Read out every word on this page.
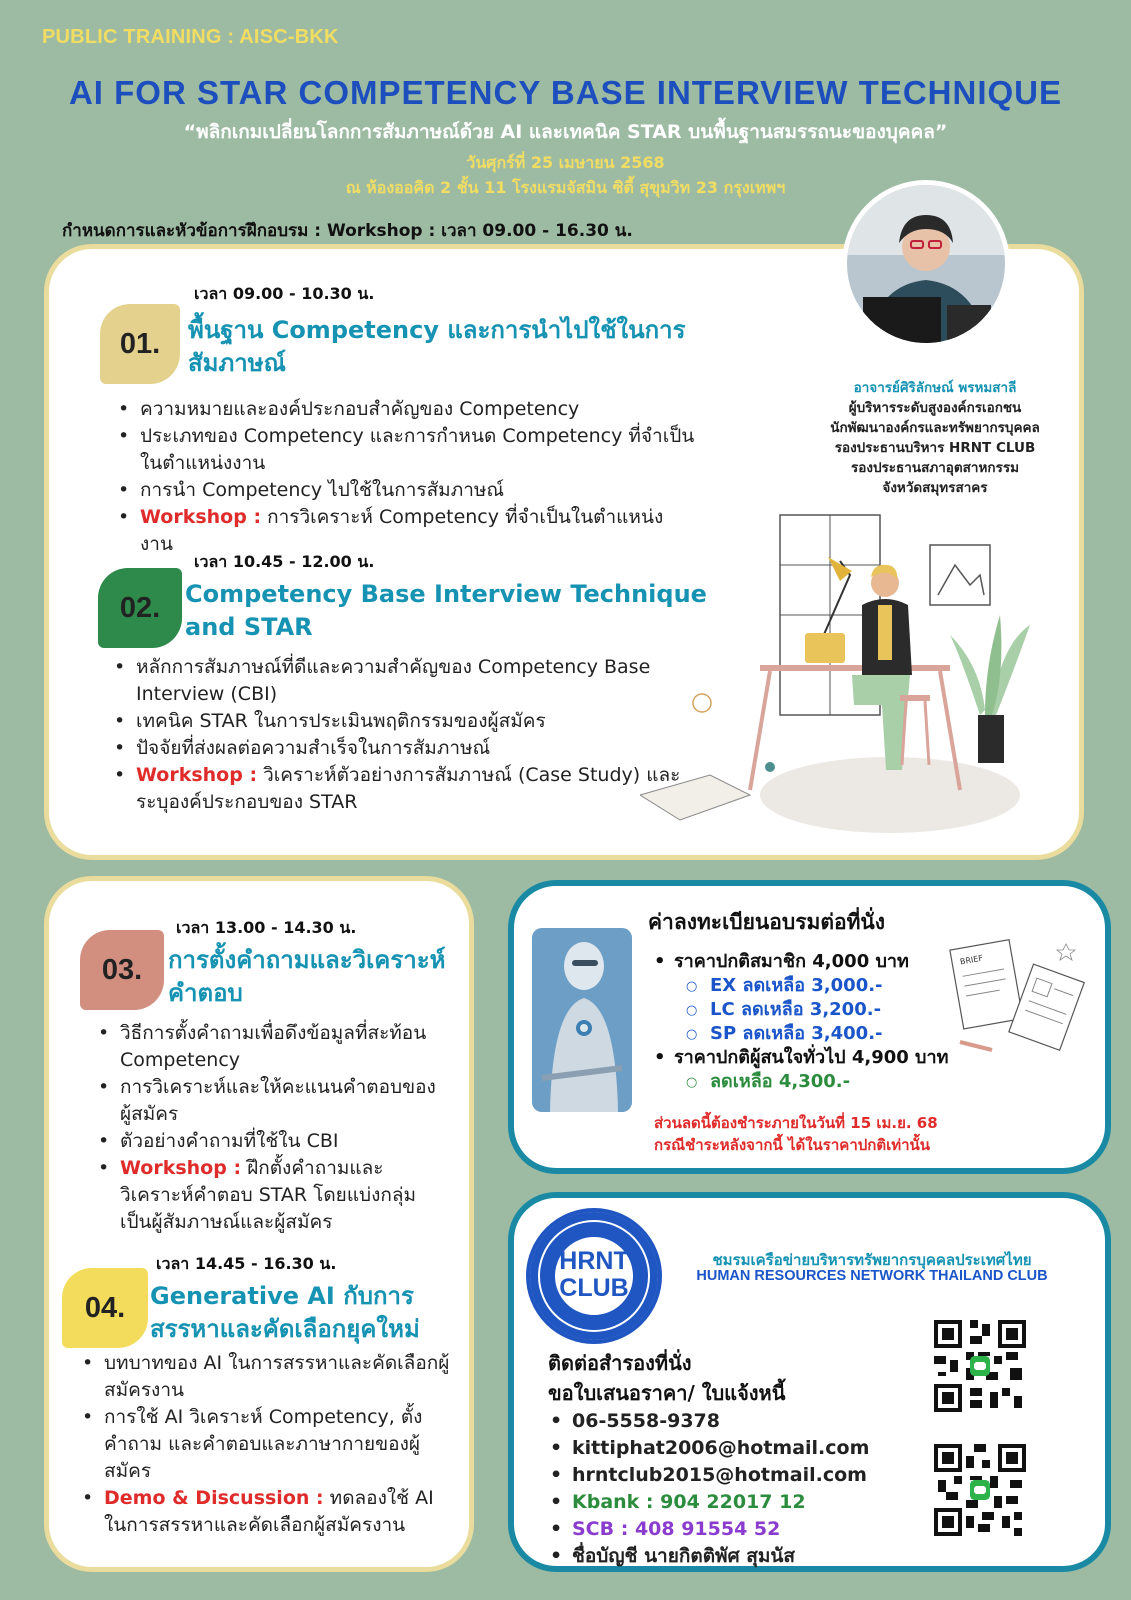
PUBLIC TRAINING : AISC-BKK
AI FOR STAR COMPETENCY BASE INTERVIEW TECHNIQUE
“พลิกเกมเปลี่ยนโลกการสัมภาษณ์ด้วย AI และเทคนิค STAR บนพื้นฐานสมรรถนะของบุคคล”
วันศุกร์ที่ 25 เมษายน 2568
ณ ห้องออคิด 2 ชั้น 11 โรงแรมจัสมิน ซิตี้ สุขุมวิท 23 กรุงเทพฯ
กำหนดการและหัวข้อการฝึกอบรม : Workshop : เวลา 09.00 - 16.30 น.
อาจารย์ศิริลักษณ์ พรหมสาลี
ผู้บริหารระดับสูงองค์กรเอกชน
นักพัฒนาองค์กรและทรัพยากรบุคคล
รองประธานบริหาร HRNT CLUB
รองประธานสภาอุตสาหกรรม
จังหวัดสมุทรสาคร
เวลา 09.00 - 10.30 น.
01.	พื้นฐาน Competency และการนำไปใช้ในการสัมภาษณ์
• ความหมายและองค์ประกอบสำคัญของ Competency
• ประเภทของ Competency และการกำหนด Competency ที่จำเป็นในตำแหน่งงาน
• การนำ Competency ไปใช้ในการสัมภาษณ์
• Workshop : การวิเคราะห์ Competency ที่จำเป็นในตำแหน่งงาน
เวลา 10.45 - 12.00 น.
02.	Competency Base Interview Technique and STAR
• หลักการสัมภาษณ์ที่ดีและความสำคัญของ Competency Base Interview (CBI)
• เทคนิค STAR ในการประเมินพฤติกรรมของผู้สมัคร
• ปัจจัยที่ส่งผลต่อความสำเร็จในการสัมภาษณ์
• Workshop : วิเคราะห์ตัวอย่างการสัมภาษณ์ (Case Study) และระบุองค์ประกอบของ STAR
เวลา 13.00 - 14.30 น.
03.	การตั้งคำถามและวิเคราะห์คำตอบ
• วิธีการตั้งคำถามเพื่อดึงข้อมูลที่สะท้อน Competency
• การวิเคราะห์และให้คะแนนคำตอบของผู้สมัคร
• ตัวอย่างคำถามที่ใช้ใน CBI
• Workshop : ฝึกตั้งคำถามและวิเคราะห์คำตอบ STAR โดยแบ่งกลุ่มเป็นผู้สัมภาษณ์และผู้สมัคร
เวลา 14.45 - 16.30 น.
04.	Generative AI กับการสรรหาและคัดเลือกยุคใหม่
• บทบาทของ AI ในการสรรหาและคัดเลือกผู้สมัครงาน
• การใช้ AI วิเคราะห์ Competency, ตั้งคำถาม และคำตอบและภาษากายของผู้สมัคร
• Demo & Discussion : ทดลองใช้ AI ในการสรรหาและคัดเลือกผู้สมัครงาน
ค่าลงทะเบียนอบรมต่อที่นั่ง
• ราคาปกติสมาชิก 4,000 บาท
○ EX ลดเหลือ 3,000.-
○ LC ลดเหลือ 3,200.-
○ SP ลดเหลือ 3,400.-
• ราคาปกติผู้สนใจทั่วไป 4,900 บาท
○ ลดเหลือ 4,300.-
ส่วนลดนี้ต้องชำระภายในวันที่ 15 เม.ย. 68
กรณีชำระหลังจากนี้ ได้ในราคาปกติเท่านั้น
BRIEF
HRNT
CLUB
ชมรมเครือข่ายบริหารทรัพยากรบุคคลประเทศไทย
HUMAN RESOURCES NETWORK THAILAND CLUB
ติดต่อสำรองที่นั่ง
ขอใบเสนอราคา/ ใบแจ้งหนี้
• 06-5558-9378
• kittiphat2006@hotmail.com
• hrntclub2015@hotmail.com
• Kbank : 904 22017 12
• SCB : 408 91554 52
• ชื่อบัญชี นายกิตติพัศ สุมนัส
